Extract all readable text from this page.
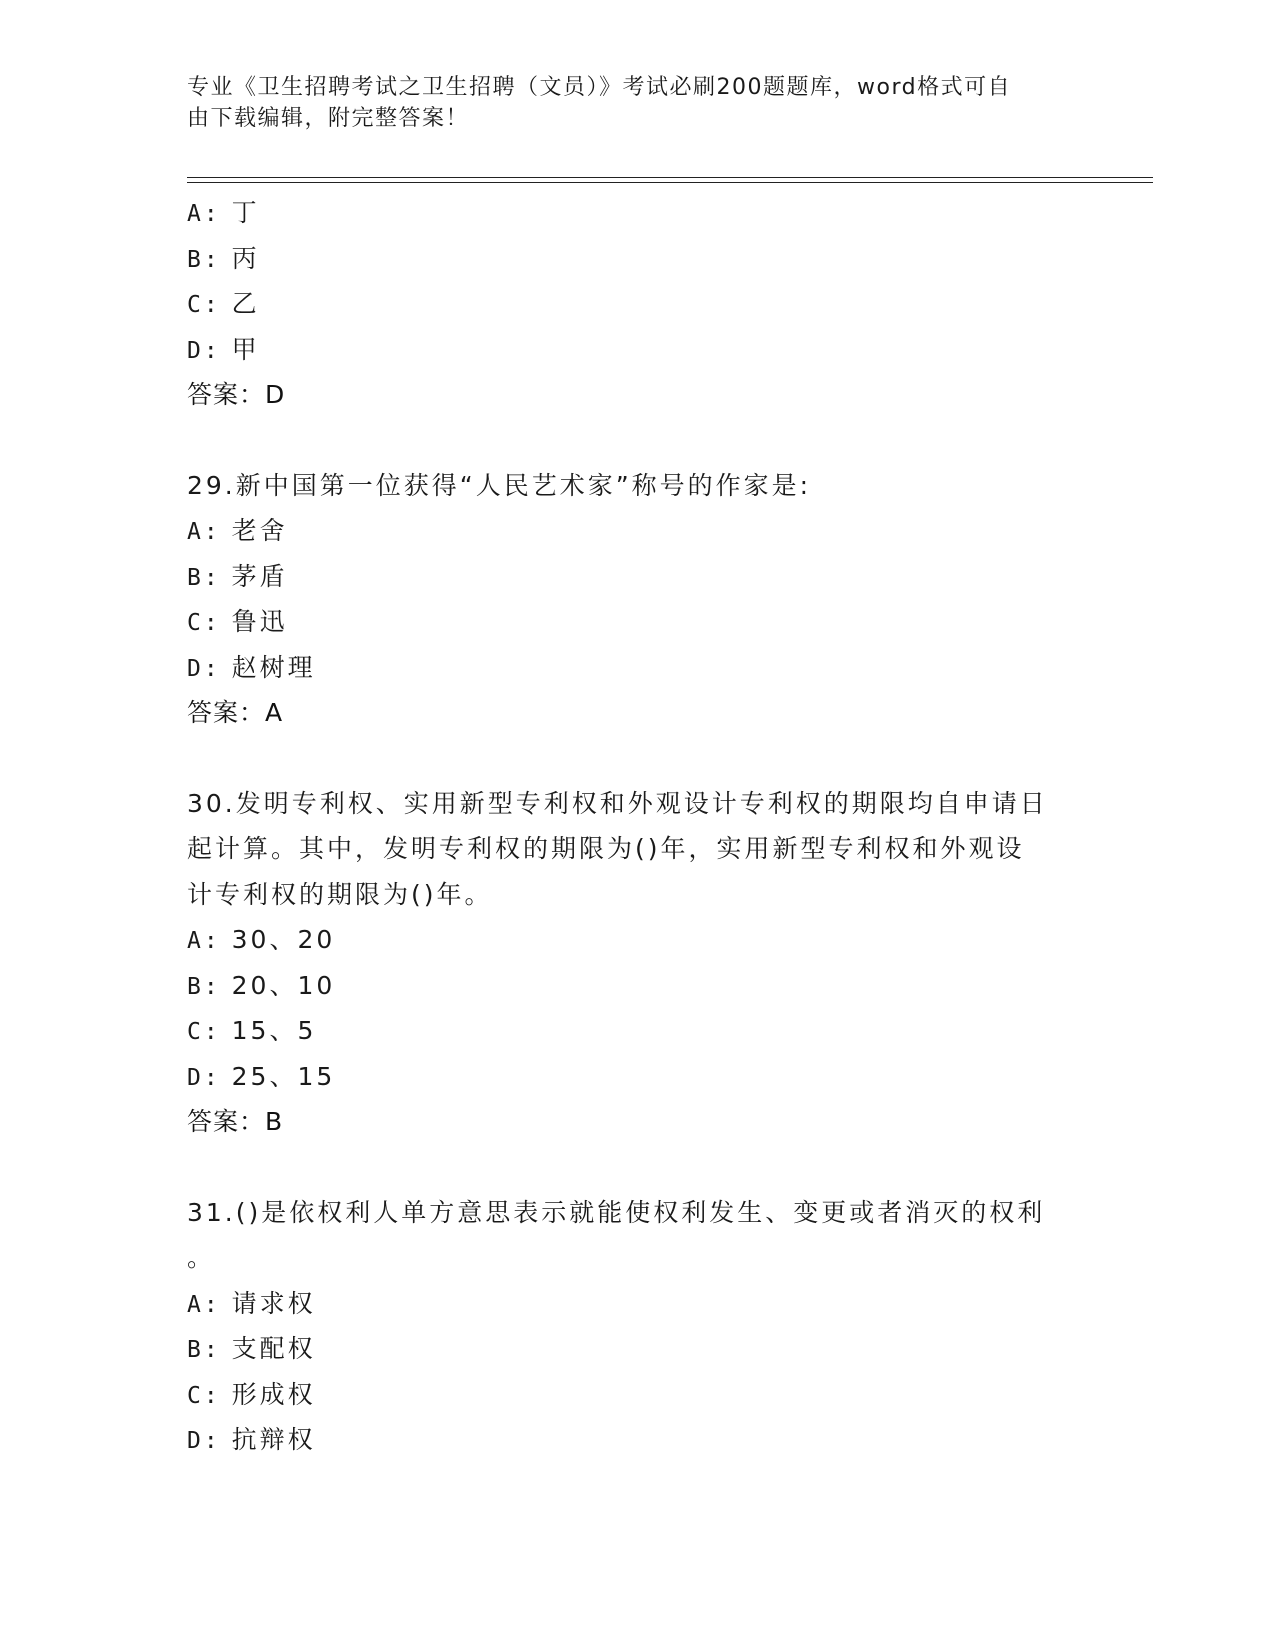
专业《卫生招聘考试之卫生招聘（文员）》考试必刷200题题库，word格式可自
由下载编辑，附完整答案！
A: 丁
B: 丙
C: 乙
D: 甲
答案：D
29.新中国第一位获得“人民艺术家”称号的作家是:
A: 老舍
B: 茅盾
C: 鲁迅
D: 赵树理
答案：A
30.发明专利权、实用新型专利权和外观设计专利权的期限均自申请日
起计算。其中，发明专利权的期限为()年，实用新型专利权和外观设
计专利权的期限为()年。
A: 30、20
B: 20、10
C: 15、5
D: 25、15
答案：B
31.()是依权利人单方意思表示就能使权利发生、变更或者消灭的权利
。
A: 请求权
B: 支配权
C: 形成权
D: 抗辩权
